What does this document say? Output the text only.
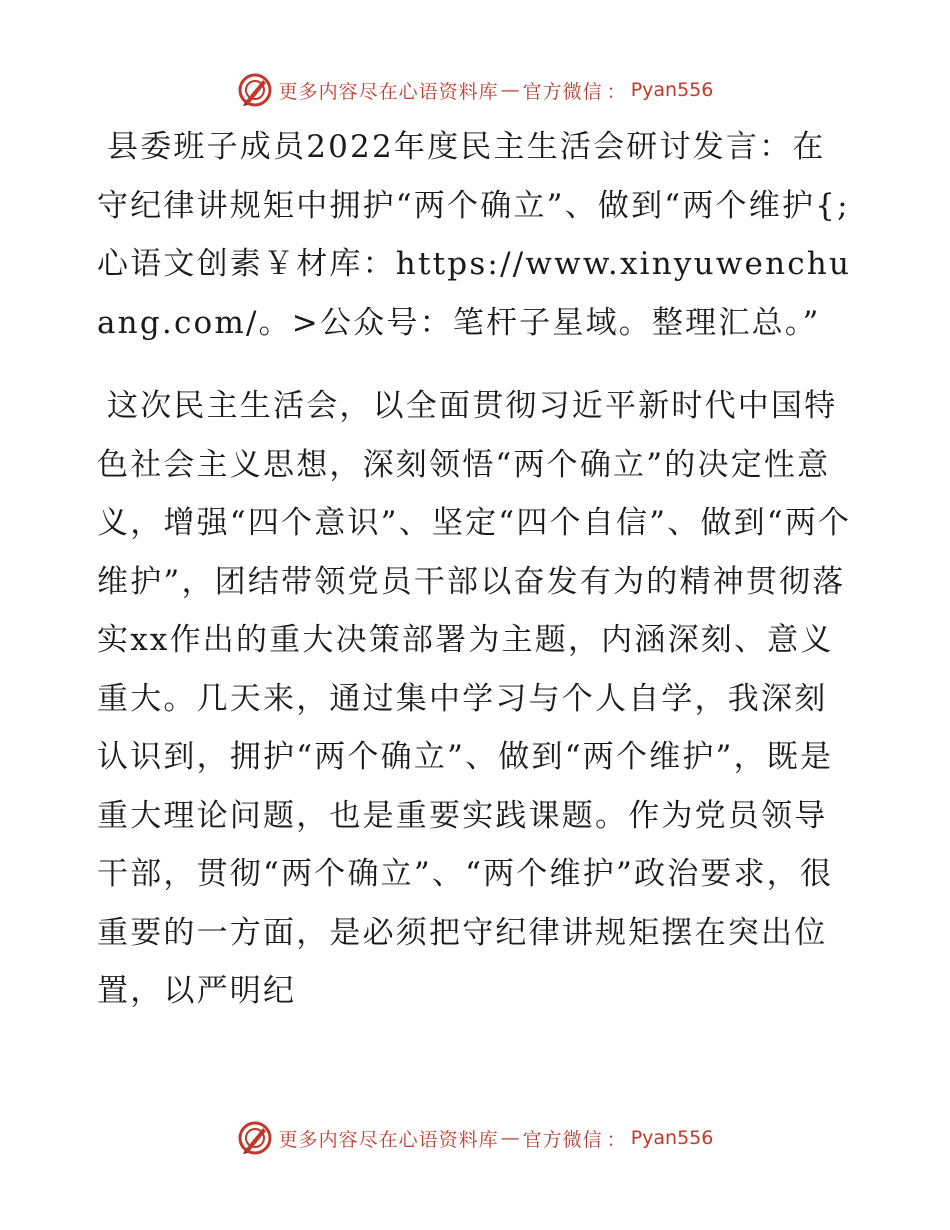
更多内容尽在心语资料库 — 官方微信 ： Pyan556
县委班子成员2022年度民主生活会研讨发言：在守纪律讲规矩中拥护“两个确立”、做到“两个维护{;心语文创素￥材库：https://www.xinyuwenchuang.com/。>公众号：笔杆子星域。整理汇总。”

这次民主生活会，以全面贯彻习近平新时代中国特色社会主义思想，深刻领悟“两个确立”的决定性意义，增强“四个意识”、坚定“四个自信”、做到“两个维护”，团结带领党员干部以奋发有为的精神贯彻落实xx作出的重大决策部署为主题，内涵深刻、意义重大。几天来，通过集中学习与个人自学，我深刻认识到，拥护“两个确立”、做到“两个维护”，既是重大理论问题，也是重要实践课题。作为党员领导干部，贯彻“两个确立”、“两个维护”政治要求，很重要的一方面，是必须把守纪律讲规矩摆在突出位置，以严明纪

更多内容尽在心语资料库 — 官方微信 ： Pyan556
